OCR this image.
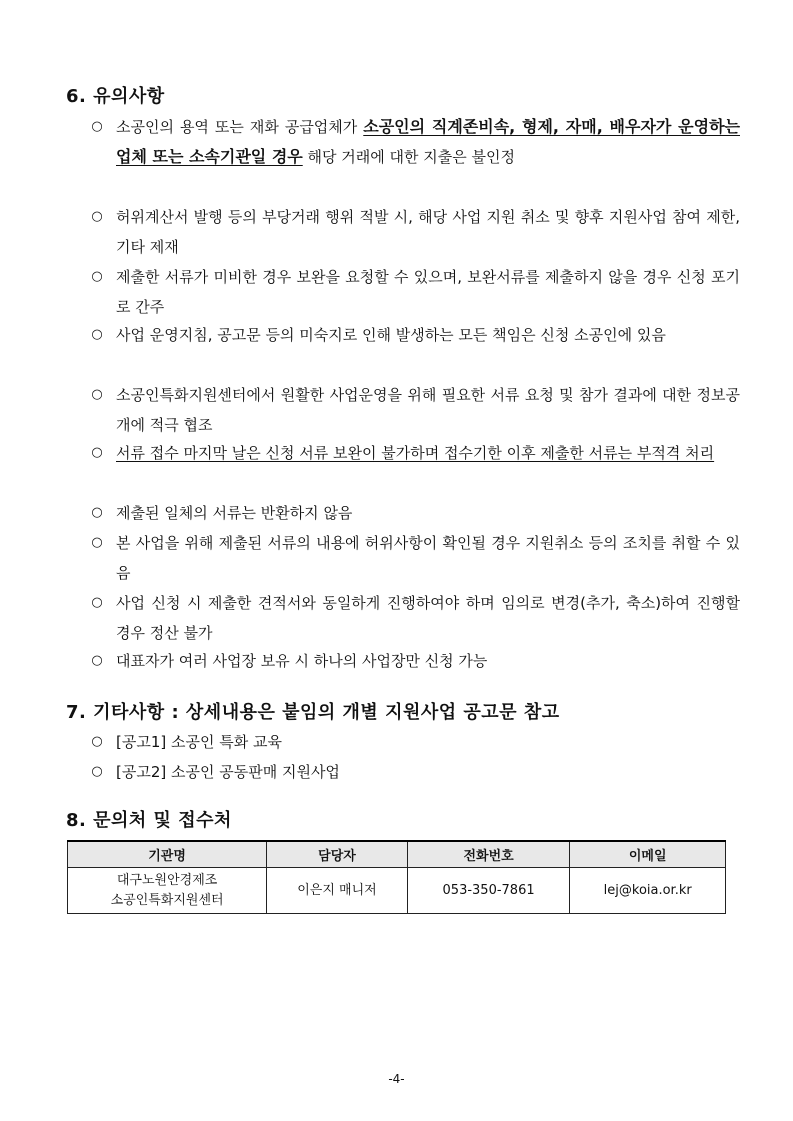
6. 유의사항
○ 소공인의 용역 또는 재화 공급업체가 소공인의 직계존비속, 형제, 자매, 배우자가 운영하는 업체 또는 소속기관일 경우 해당 거래에 대한 지출은 불인정
○ 허위계산서 발행 등의 부당거래 행위 적발 시, 해당 사업 지원 취소 및 향후 지원사업 참여 제한, 기타 제재
○ 제출한 서류가 미비한 경우 보완을 요청할 수 있으며, 보완서류를 제출하지 않을 경우 신청 포기로 간주
○ 사업 운영지침, 공고문 등의 미숙지로 인해 발생하는 모든 책임은 신청 소공인에 있음
○ 소공인특화지원센터에서 원활한 사업운영을 위해 필요한 서류 요청 및 참가 결과에 대한 정보공개에 적극 협조
○ 서류 접수 마지막 날은 신청 서류 보완이 불가하며 접수기한 이후 제출한 서류는 부적격 처리
○ 제출된 일체의 서류는 반환하지 않음
○ 본 사업을 위해 제출된 서류의 내용에 허위사항이 확인될 경우 지원취소 등의 조치를 취할 수 있음
○ 사업 신청 시 제출한 견적서와 동일하게 진행하여야 하며 임의로 변경(추가, 축소)하여 진행할 경우 정산 불가
○ 대표자가 여러 사업장 보유 시 하나의 사업장만 신청 가능
7. 기타사항 : 상세내용은 붙임의 개별 지원사업 공고문 참고
○ [공고1] 소공인 특화 교육
○ [공고2] 소공인 공동판매 지원사업
8. 문의처 및 접수처
기관명	담당자	전화번호	이메일

대구노원안경제조
소공인특화지원센터	이은지 매니저	053-350-7861	lej@koia.or.kr
-4-
